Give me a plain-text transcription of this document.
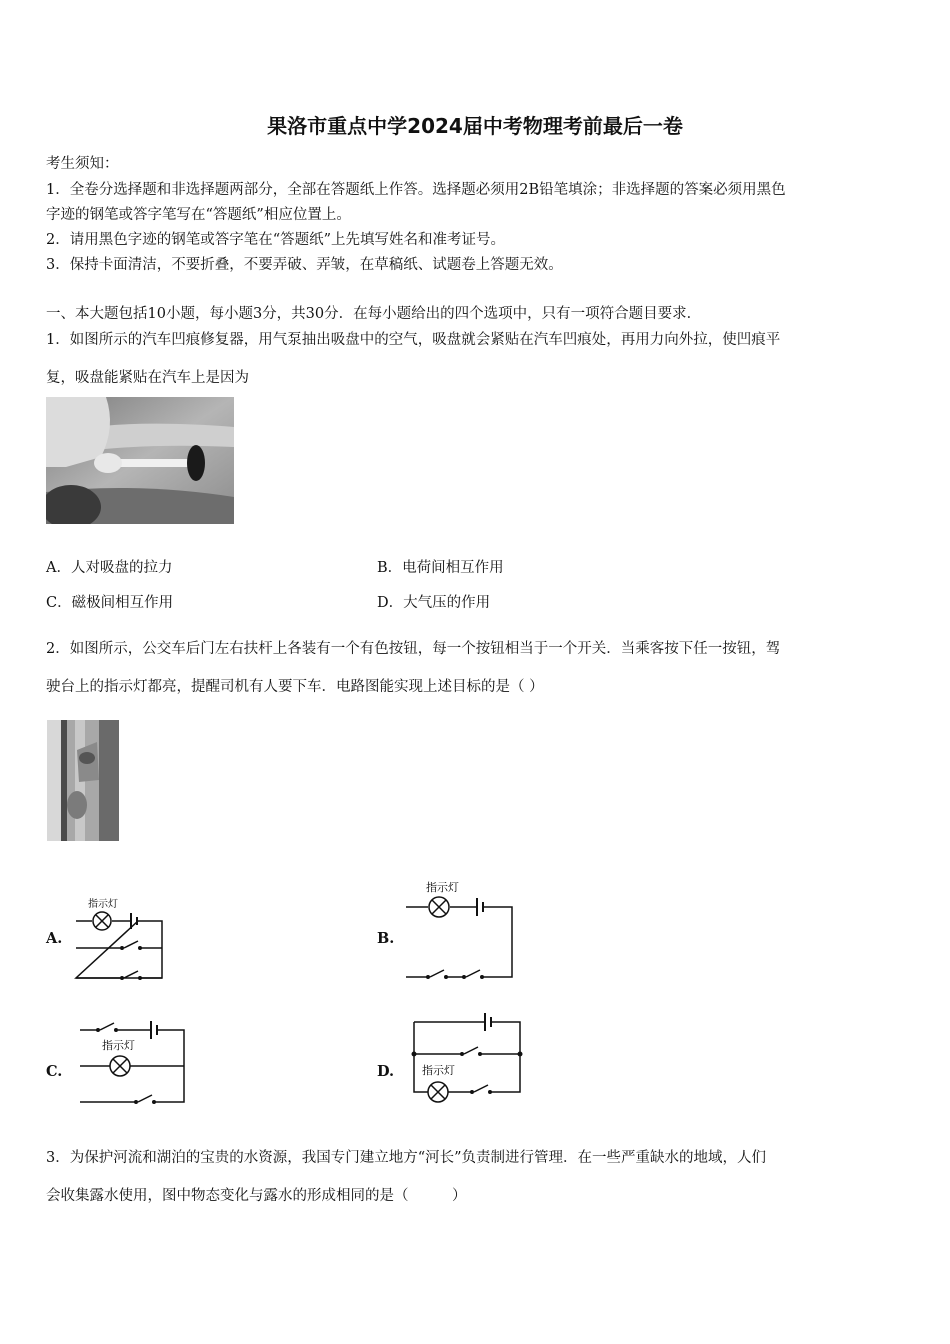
果洛市重点中学2024届中考物理考前最后一卷
考生须知：
1．全卷分选择题和非选择题两部分，全部在答题纸上作答。选择题必须用2B铅笔填涂；非选择题的答案必须用黑色
字迹的钢笔或答字笔写在“答题纸”相应位置上。
2．请用黑色字迹的钢笔或答字笔在“答题纸”上先填写姓名和准考证号。
3．保持卡面清洁，不要折叠，不要弄破、弄皱，在草稿纸、试题卷上答题无效。
一、本大题包括10小题，每小题3分，共30分．在每小题给出的四个选项中，只有一项符合题目要求．
1．如图所示的汽车凹痕修复器，用气泵抽出吸盘中的空气，吸盘就会紧贴在汽车凹痕处，再用力向外拉，使凹痕平
复，吸盘能紧贴在汽车上是因为
A．人对吸盘的拉力	B．电荷间相互作用
C．磁极间相互作用	D．大气压的作用
2．如图所示，公交车后门左右扶杆上各装有一个有色按钮，每一个按钮相当于一个开关．当乘客按下任一按钮，驾
驶台上的指示灯都亮，提醒司机有人要下车．电路图能实现上述目标的是（ ）
A.
指示灯
B.
指示灯
C.
指示灯
D.	指示灯
3．为保护河流和湖泊的宝贵的水资源，我国专门建立地方“河长”负责制进行管理．在一些严重缺水的地域，人们
会收集露水使用，图中物态变化与露水的形成相同的是（　　　）
